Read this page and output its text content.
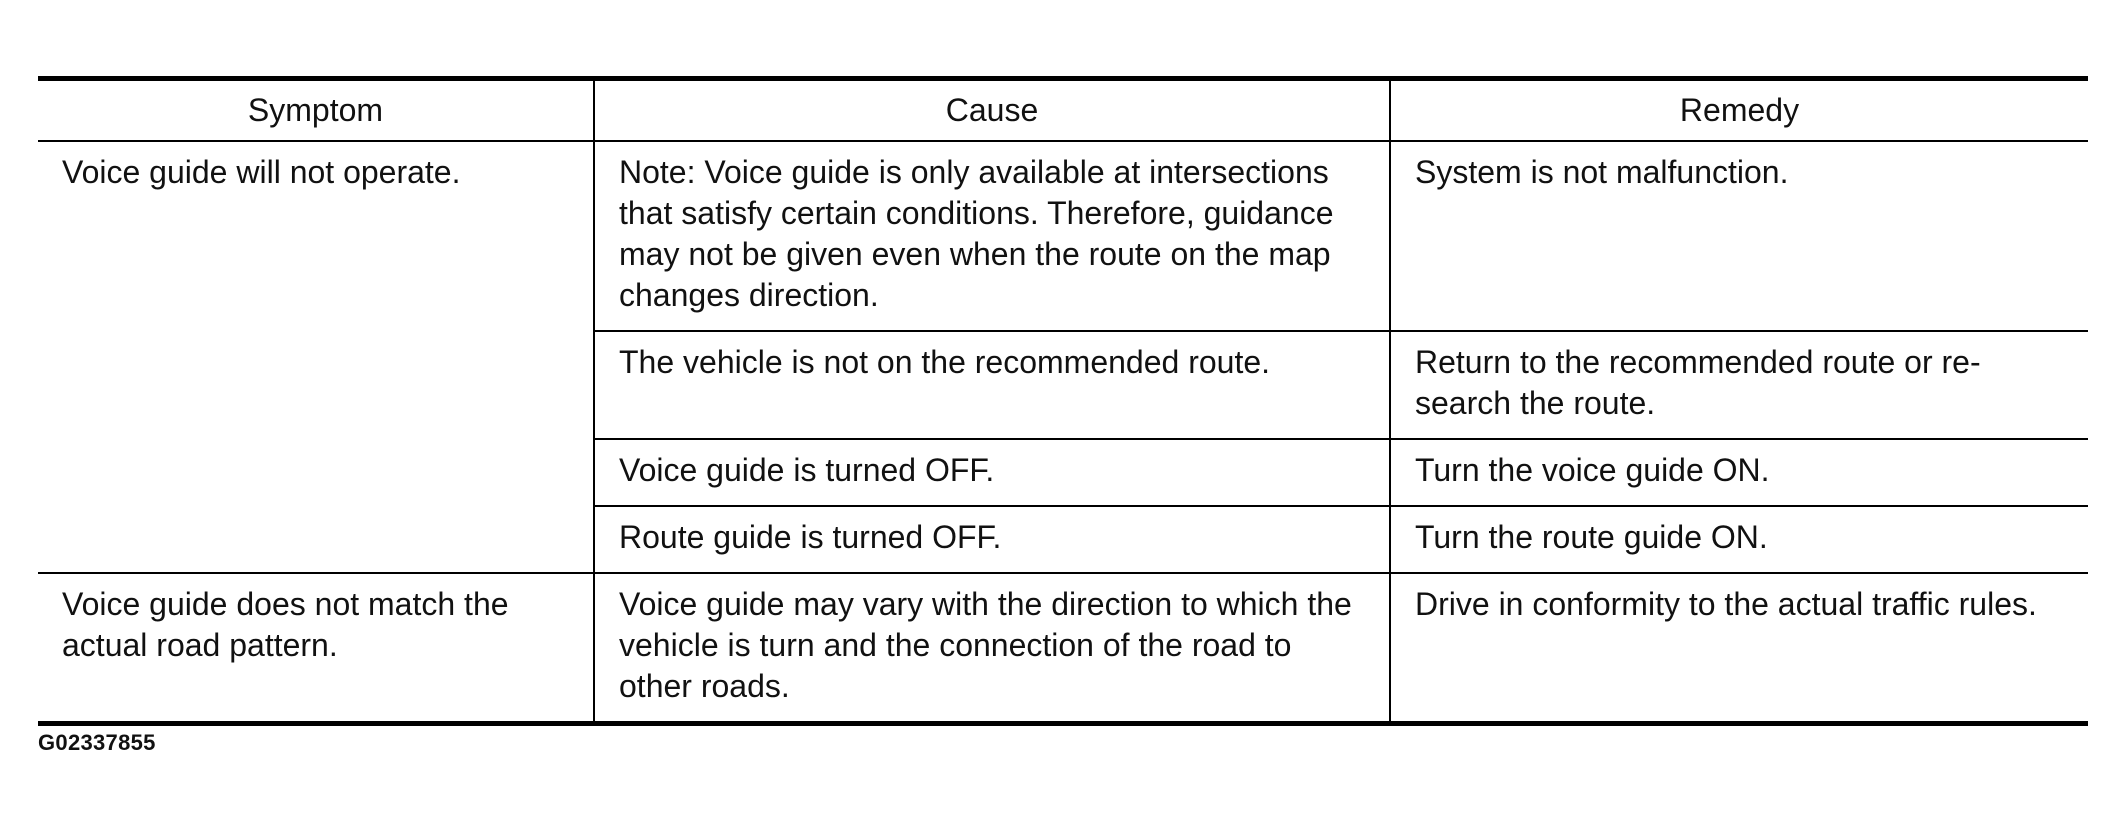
Symptom	Cause	Remedy
Voice guide will not operate.	Note: Voice guide is only available at intersections that satisfy certain conditions. Therefore, guidance may not be given even when the route on the map changes direction.	System is not malfunction.
	The vehicle is not on the recommended route.	Return to the recommended route or re-search the route.
	Voice guide is turned OFF.	Turn the voice guide ON.
	Route guide is turned OFF.	Turn the route guide ON.
Voice guide does not match the actual road pattern.	Voice guide may vary with the direction to which the vehicle is turn and the connection of the road to other roads.	Drive in conformity to the actual traffic rules.
G02337855
